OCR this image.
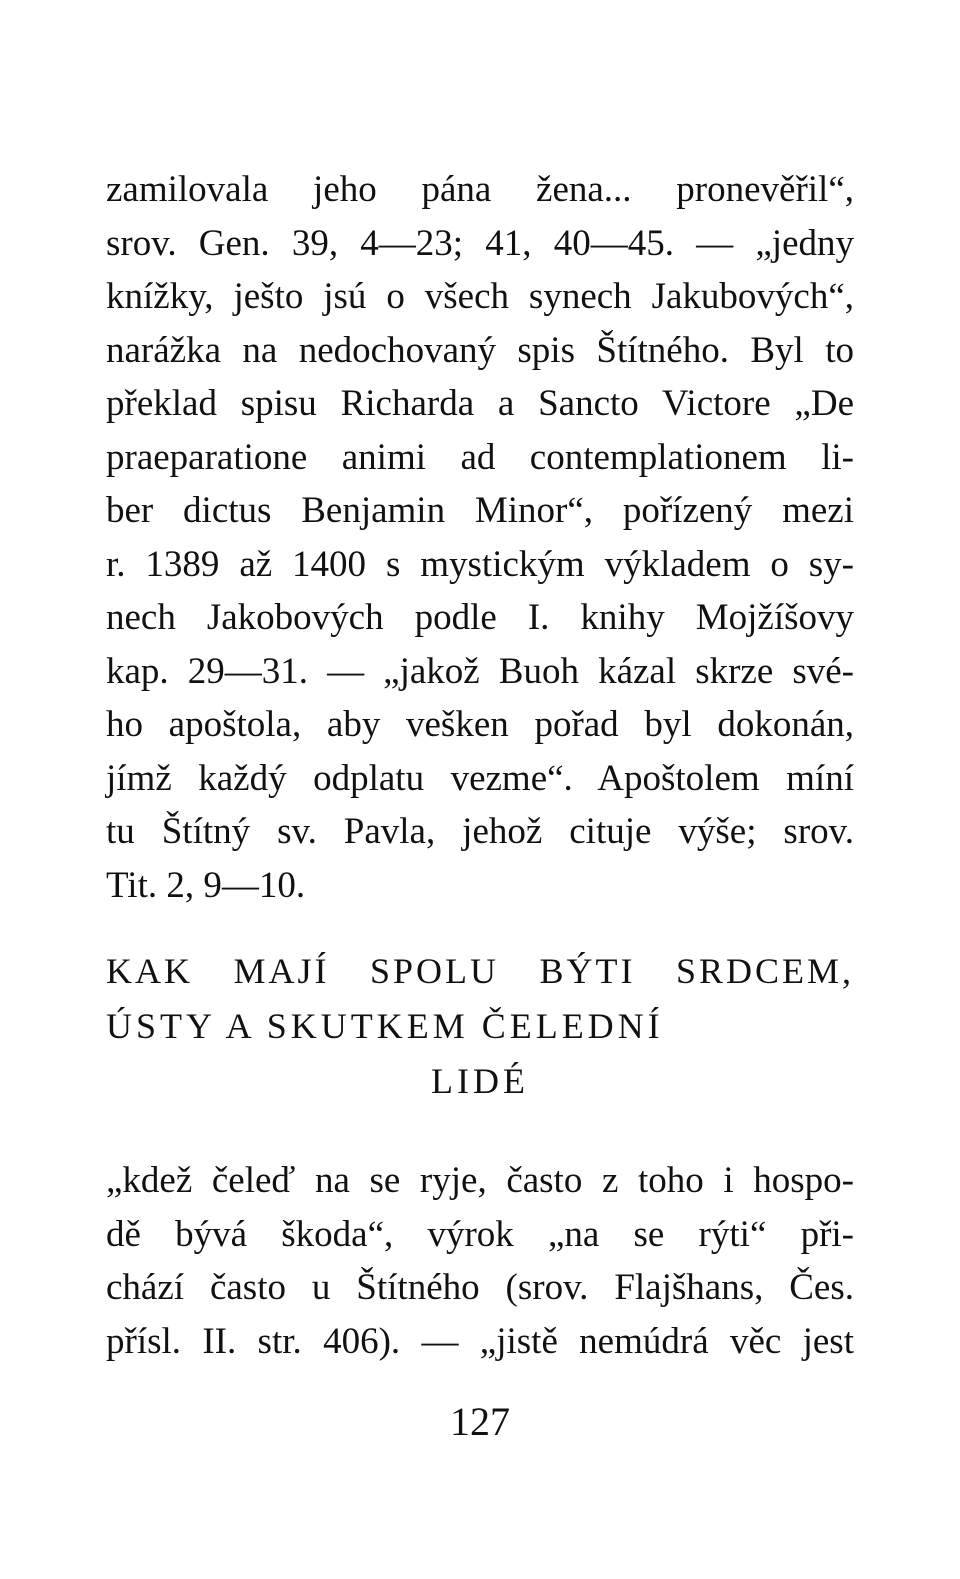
zamilovala jeho pána žena... pronevěřil“,
srov. Gen. 39, 4—23; 41, 40—45. — „jedny
knížky, ješto jsú o všech synech Jakubových“,
narážka na nedochovaný spis Štítného. Byl to
překlad spisu Richarda a Sancto Victore „De
praeparatione animi ad contemplationem li-
ber dictus Benjamin Minor“, pořízený mezi
r. 1389 až 1400 s mystickým výkladem o sy-
nech Jakobových podle I. knihy Mojžíšovy
kap. 29—31. — „jakož Buoh kázal skrze své-
ho apoštola, aby vešken pořad byl dokonán,
jímž každý odplatu vezme“. Apoštolem míní
tu Štítný sv. Pavla, jehož cituje výše; srov.
Tit. 2, 9—10.
KAK MAJÍ SPOLU BÝTI SRDCEM,
ÚSTY A SKUTKEM ČELEDNÍ
LIDÉ
„kdež čeleď na se ryje, často z toho i hospo-
dě bývá škoda“, výrok „na se rýti“ při-
chází často u Štítného (srov. Flajšhans, Čes.
přísl. II. str. 406). — „jistě nemúdrá věc jest
127
